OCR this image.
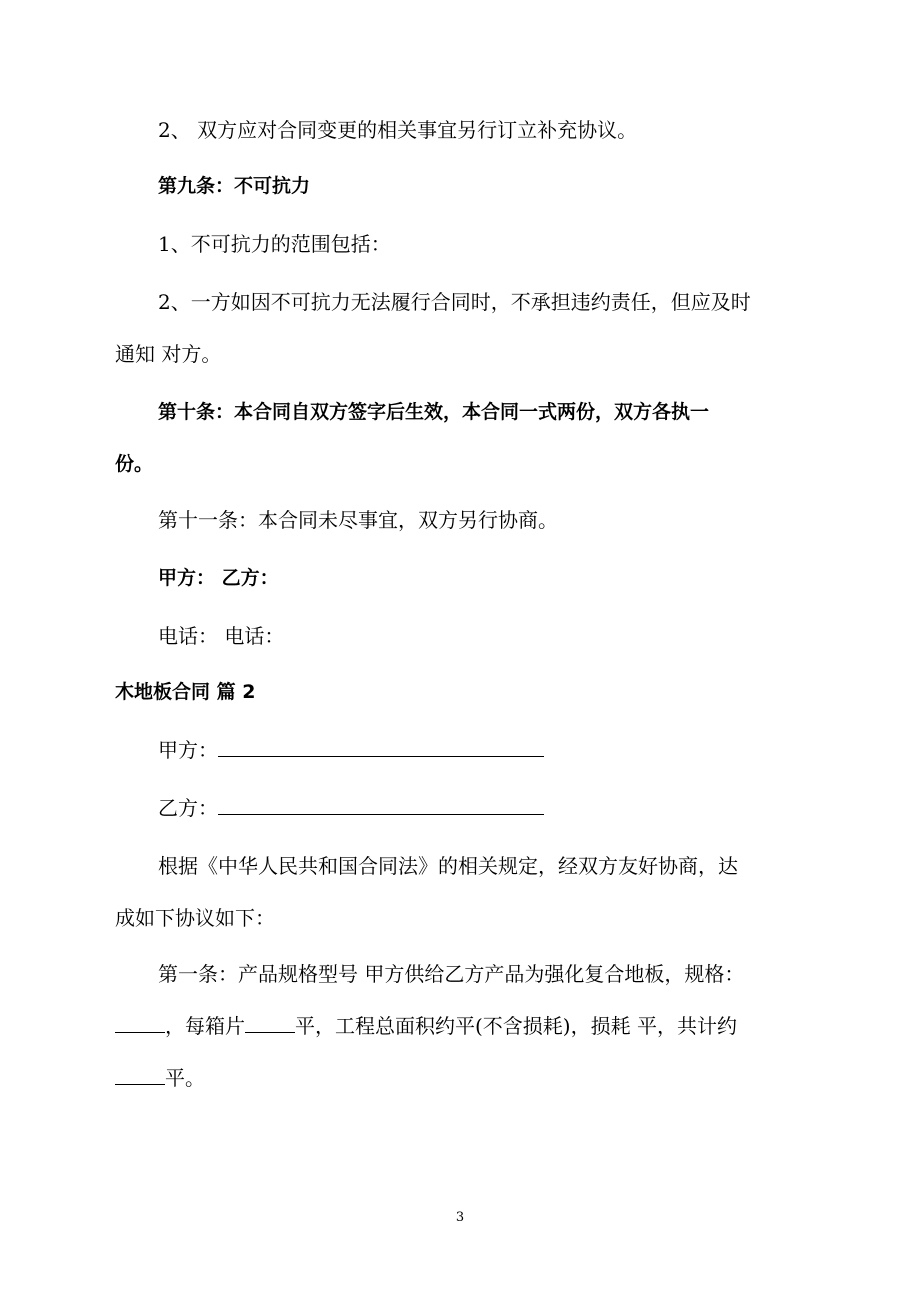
2、 双方应对合同变更的相关事宜另行订立补充协议。
第九条：不可抗力
1、不可抗力的范围包括：
2、一方如因不可抗力无法履行合同时，不承担违约责任，但应及时
通知 对方。
第十条：本合同自双方签字后生效，本合同一式两份，双方各执一
份。
第十一条：本合同未尽事宜，双方另行协商。
甲方： 乙方：
电话： 电话：
木地板合同 篇 2
甲方：
乙方：
根据《中华人民共和国合同法》的相关规定，经双方友好协商，达
成如下协议如下：
第一条：产品规格型号 甲方供给乙方产品为强化复合地板，规格：
，每箱片	平，工程总面积约平(不含损耗)，损耗 平，共计约
平。
3
